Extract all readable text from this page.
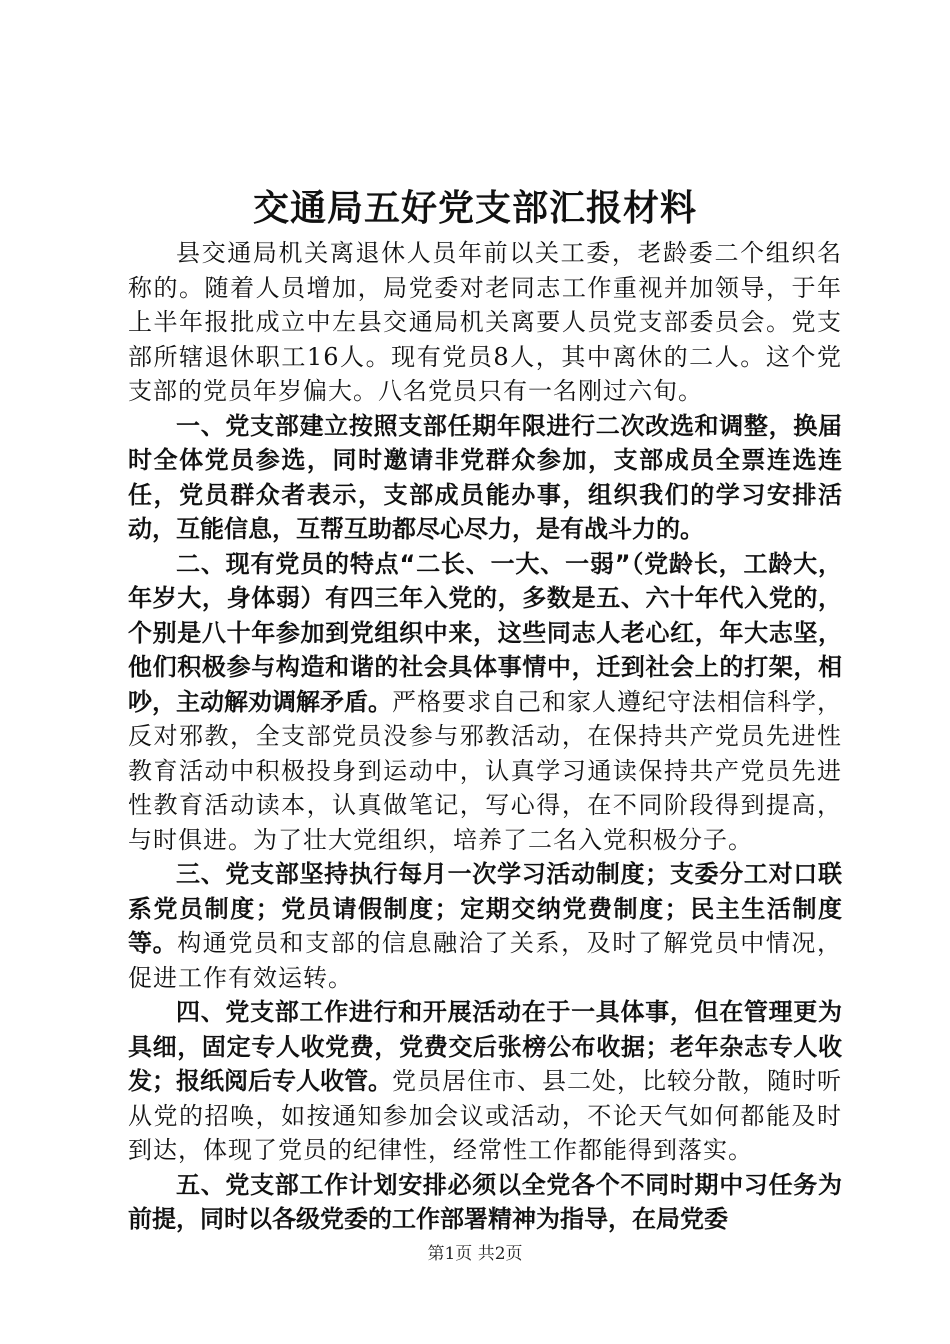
交通局五好党支部汇报材料

县交通局机关离退休人员年前以关工委，老龄委二个组织名称的。随着人员增加，局党委对老同志工作重视并加领导，于年上半年报批成立中左县交通局机关离要人员党支部委员会。党支部所辖退休职工16人。现有党员8人，其中离休的二人。这个党支部的党员年岁偏大。八名党员只有一名刚过六旬。

一、党支部建立按照支部任期年限进行二次改选和调整，换届时全体党员参选，同时邀请非党群众参加，支部成员全票连选连任，党员群众者表示，支部成员能办事，组织我们的学习安排活动，互能信息，互帮互助都尽心尽力，是有战斗力的。

二、现有党员的特点“二长、一大、一弱”（党龄长，工龄大，年岁大，身体弱）有四三年入党的，多数是五、六十年代入党的，个别是八十年参加到党组织中来，这些同志人老心红，年大志坚，他们积极参与构造和谐的社会具体事情中，迁到社会上的打架，相吵，主动解劝调解矛盾。严格要求自己和家人遵纪守法相信科学，反对邪教，全支部党员没参与邪教活动，在保持共产党员先进性教育活动中积极投身到运动中，认真学习通读保持共产党员先进性教育活动读本，认真做笔记，写心得，在不同阶段得到提高，与时俱进。为了壮大党组织，培养了二名入党积极分子。

三、党支部坚持执行每月一次学习活动制度；支委分工对口联系党员制度；党员请假制度；定期交纳党费制度；民主生活制度等。构通党员和支部的信息融洽了关系，及时了解党员中情况，促进工作有效运转。

四、党支部工作进行和开展活动在于一具体事，但在管理更为具细，固定专人收党费，党费交后张榜公布收据；老年杂志专人收发；报纸阅后专人收管。党员居住市、县二处，比较分散，随时听从党的招唤，如按通知参加会议或活动，不论天气如何都能及时到达，体现了党员的纪律性，经常性工作都能得到落实。

五、党支部工作计划安排必须以全党各个不同时期中习任务为前提，同时以各级党委的工作部署精神为指导，在局党委

第1页 共2页
